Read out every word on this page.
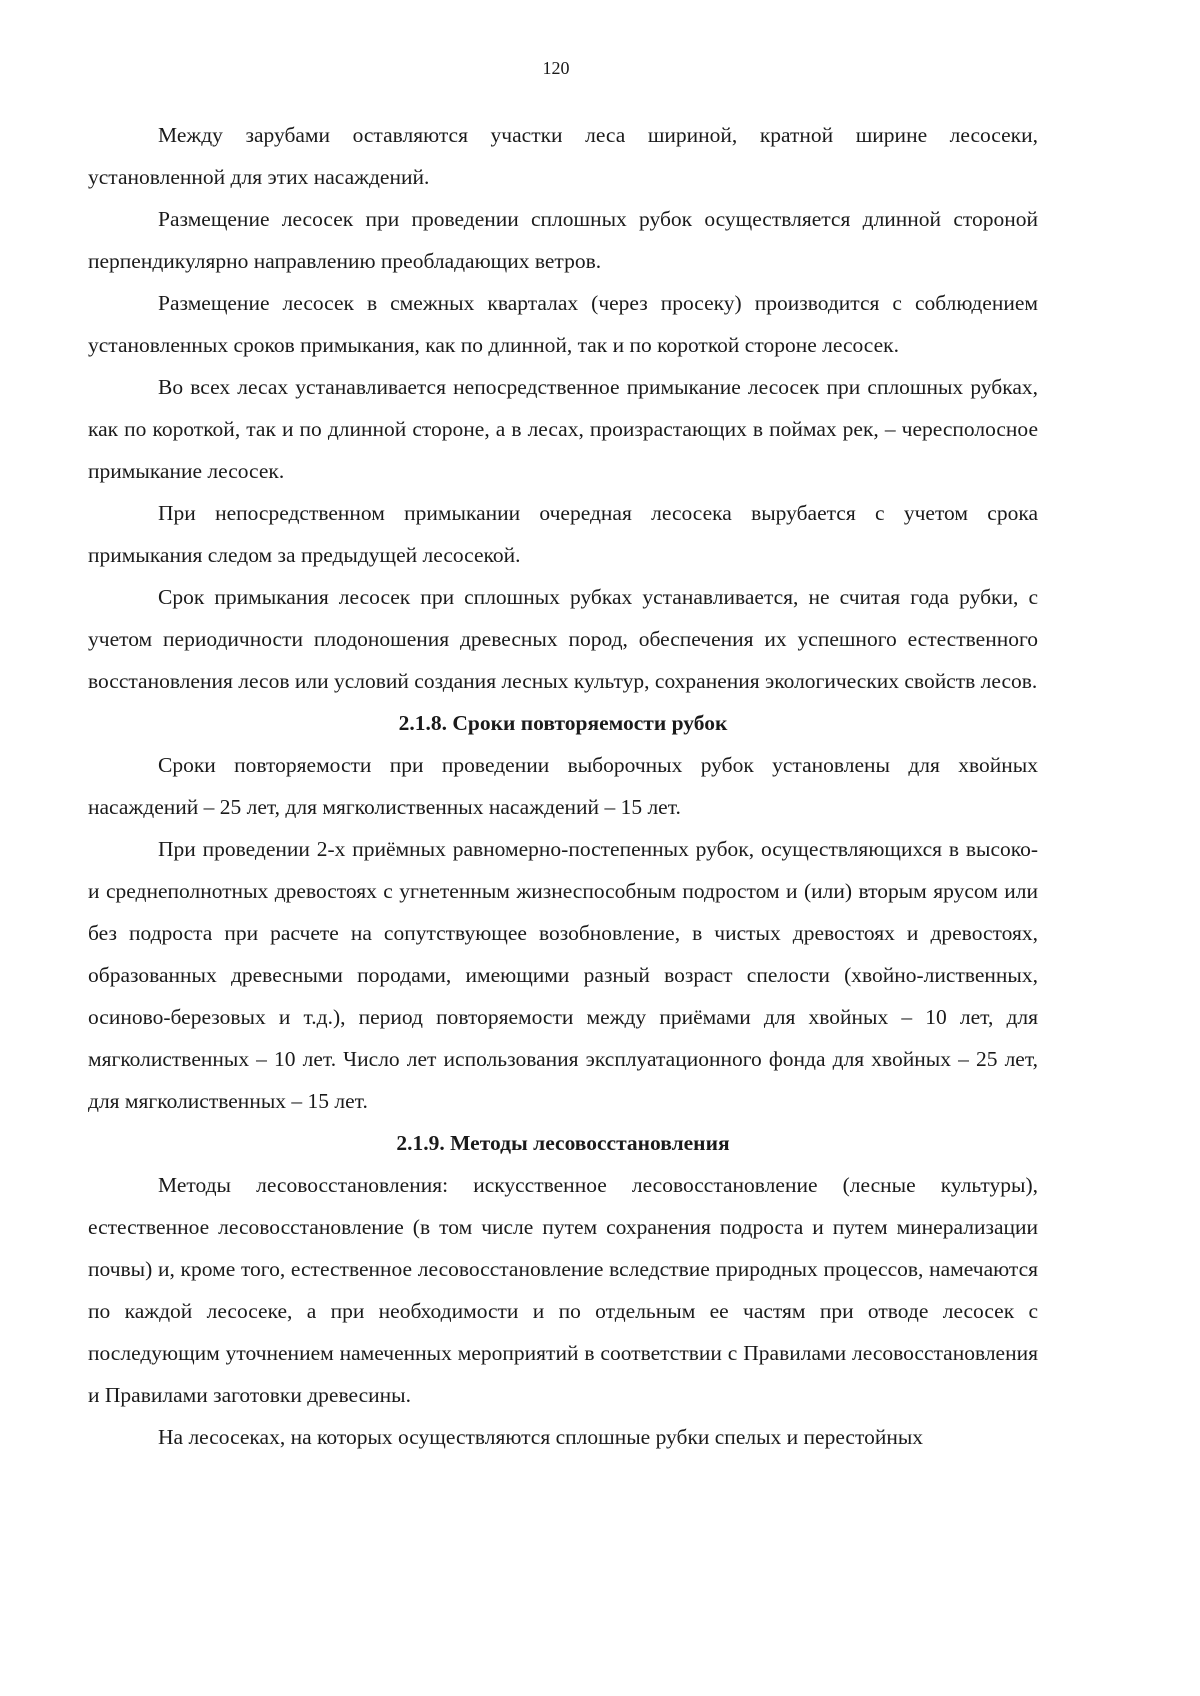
120

Между зарубами оставляются участки леса шириной, кратной ширине лесосеки, установленной для этих насаждений.

Размещение лесосек при проведении сплошных рубок осуществляется длинной стороной перпендикулярно направлению преобладающих ветров.

Размещение лесосек в смежных кварталах (через просеку) производится с соблюдением установленных сроков примыкания, как по длинной, так и по короткой стороне лесосек.

Во всех лесах устанавливается непосредственное примыкание лесосек при сплошных рубках, как по короткой, так и по длинной стороне, а в лесах, произрастающих в поймах рек, – чересполосное примыкание лесосек.

При непосредственном примыкании очередная лесосека вырубается с учетом срока примыкания следом за предыдущей лесосекой.

Срок примыкания лесосек при сплошных рубках устанавливается, не считая года рубки, с учетом периодичности плодоношения древесных пород, обеспечения их успешного естественного восстановления лесов или условий создания лесных культур, сохранения экологических свойств лесов.

2.1.8. Сроки повторяемости рубок

Сроки повторяемости при проведении выборочных рубок установлены для хвойных насаждений – 25 лет, для мягколиственных насаждений – 15 лет.

При проведении 2-х приёмных равномерно-постепенных рубок, осуществляющихся в высоко- и среднеполнотных древостоях с угнетенным жизнеспособным подростом и (или) вторым ярусом или без подроста при расчете на сопутствующее возобновление, в чистых древостоях и древостоях, образованных древесными породами, имеющими разный возраст спелости (хвойно-лиственных, осиново-березовых и т.д.), период повторяемости между приёмами для хвойных – 10 лет, для мягколиственных – 10 лет. Число лет использования эксплуатационного фонда для хвойных – 25 лет, для мягколиственных – 15 лет.

2.1.9. Методы лесовосстановления

Методы лесовосстановления: искусственное лесовосстановление (лесные культуры), естественное лесовосстановление (в том числе путем сохранения подроста и путем минерализации почвы) и, кроме того, естественное лесовосстановление вследствие природных процессов, намечаются по каждой лесосеке, а при необходимости и по отдельным ее частям при отводе лесосек с последующим уточнением намеченных мероприятий в соответствии с Правилами лесовосстановления и Правилами заготовки древесины.

На лесосеках, на которых осуществляются сплошные рубки спелых и перестойных
